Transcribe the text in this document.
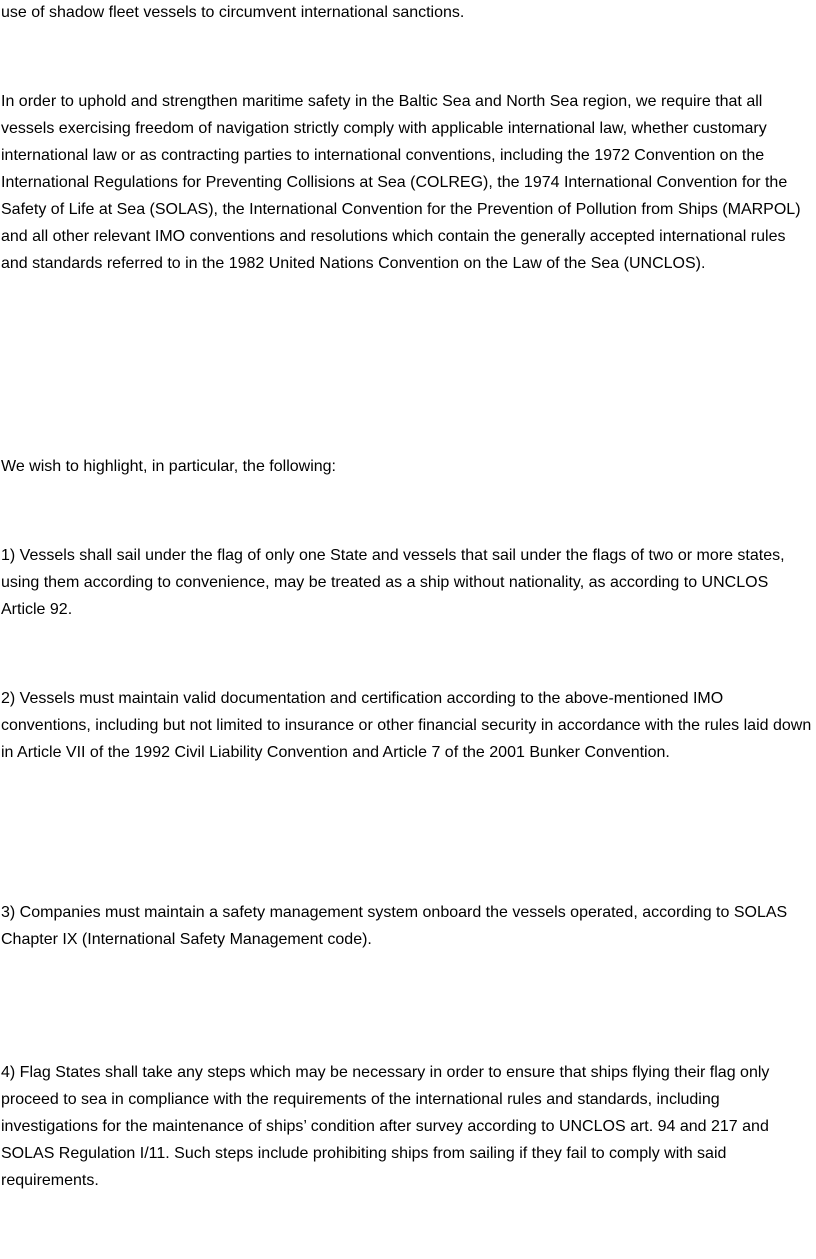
use of shadow fleet vessels to circumvent international sanctions.

In order to uphold and strengthen maritime safety in the Baltic Sea and North Sea region, we require that all vessels exercising freedom of navigation strictly comply with applicable international law, whether customary international law or as contracting parties to international conventions, including the 1972 Convention on the International Regulations for Preventing Collisions at Sea (COLREG), the 1974 International Convention for the Safety of Life at Sea (SOLAS), the International Convention for the Prevention of Pollution from Ships (MARPOL) and all other relevant IMO conventions and resolutions which contain the generally accepted international rules and standards referred to in the 1982 United Nations Convention on the Law of the Sea (UNCLOS).

We wish to highlight, in particular, the following:

1) Vessels shall sail under the flag of only one State and vessels that sail under the flags of two or more states, using them according to convenience, may be treated as a ship without nationality, as according to UNCLOS Article 92.

2) Vessels must maintain valid documentation and certification according to the above-mentioned IMO conventions, including but not limited to insurance or other financial security in accordance with the rules laid down in Article VII of the 1992 Civil Liability Convention and Article 7 of the 2001 Bunker Convention.

3) Companies must maintain a safety management system onboard the vessels operated, according to SOLAS Chapter IX (International Safety Management code).

4) Flag States shall take any steps which may be necessary in order to ensure that ships flying their flag only proceed to sea in compliance with the requirements of the international rules and standards, including investigations for the maintenance of ships’ condition after survey according to UNCLOS art. 94 and 217 and SOLAS Regulation I/11. Such steps include prohibiting ships from sailing if they fail to comply with said requirements.
